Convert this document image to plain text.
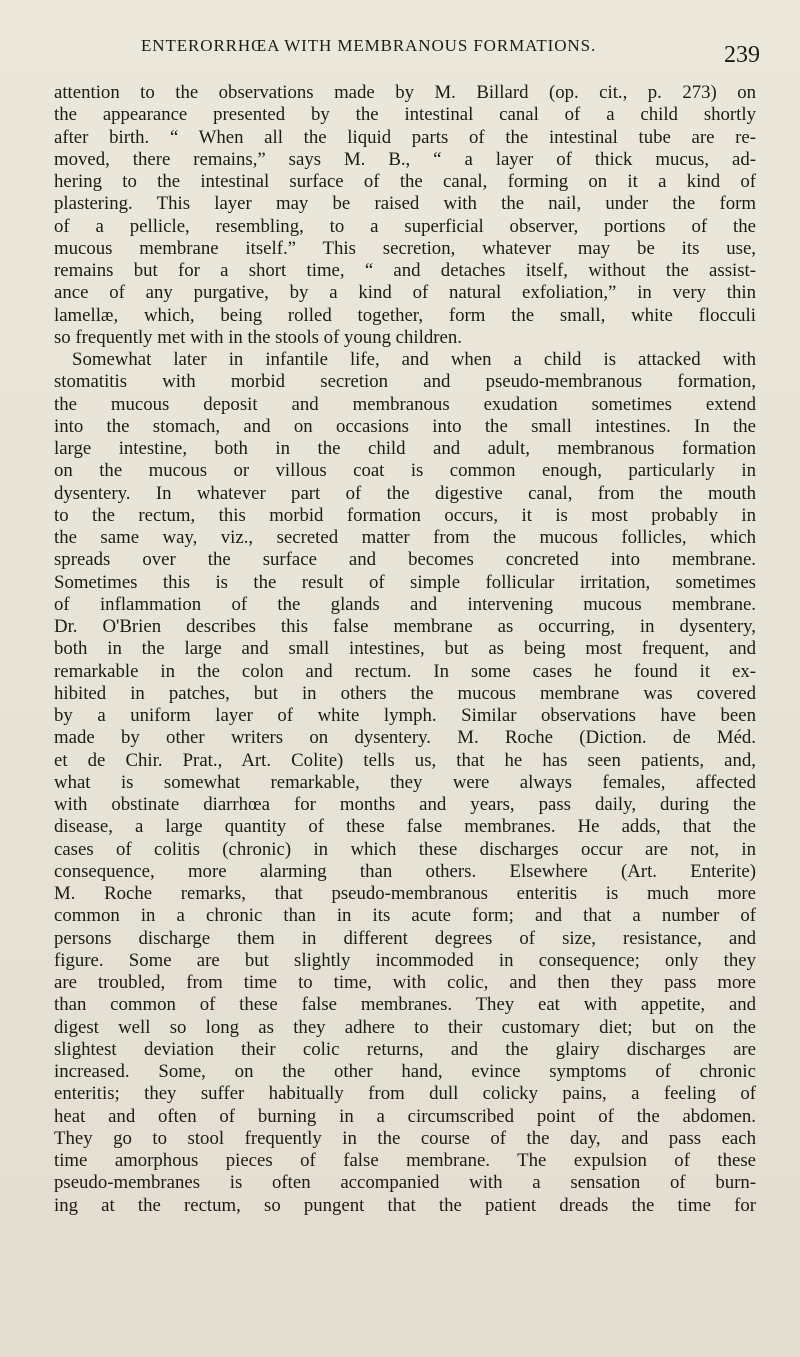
ENTERORRHŒA WITH MEMBRANOUS FORMATIONS.	239
attention to the observations made by M. Billard (op. cit., p. 273) on
the appearance presented by the intestinal canal of a child shortly
after birth. “ When all the liquid parts of the intestinal tube are re-
moved, there remains,” says M. B., “ a layer of thick mucus, ad-
hering to the intestinal surface of the canal, forming on it a kind of
plastering. This layer may be raised with the nail, under the form
of a pellicle, resembling, to a superficial observer, portions of the
mucous membrane itself.” This secretion, whatever may be its use,
remains but for a short time, “ and detaches itself, without the assist-
ance of any purgative, by a kind of natural exfoliation,” in very thin
lamellæ, which, being rolled together, form the small, white flocculi
so frequently met with in the stools of young children.
Somewhat later in infantile life, and when a child is attacked with
stomatitis with morbid secretion and pseudo-membranous formation,
the mucous deposit and membranous exudation sometimes extend
into the stomach, and on occasions into the small intestines. In the
large intestine, both in the child and adult, membranous formation
on the mucous or villous coat is common enough, particularly in
dysentery. In whatever part of the digestive canal, from the mouth
to the rectum, this morbid formation occurs, it is most probably in
the same way, viz., secreted matter from the mucous follicles, which
spreads over the surface and becomes concreted into membrane.
Sometimes this is the result of simple follicular irritation, sometimes
of inflammation of the glands and intervening mucous membrane.
Dr. O'Brien describes this false membrane as occurring, in dysentery,
both in the large and small intestines, but as being most frequent, and
remarkable in the colon and rectum. In some cases he found it ex-
hibited in patches, but in others the mucous membrane was covered
by a uniform layer of white lymph. Similar observations have been
made by other writers on dysentery. M. Roche (Diction. de Méd.
et de Chir. Prat., Art. Colite) tells us, that he has seen patients, and,
what is somewhat remarkable, they were always females, affected
with obstinate diarrhœa for months and years, pass daily, during the
disease, a large quantity of these false membranes. He adds, that the
cases of colitis (chronic) in which these discharges occur are not, in
consequence, more alarming than others. Elsewhere (Art. Enterite)
M. Roche remarks, that pseudo-membranous enteritis is much more
common in a chronic than in its acute form; and that a number of
persons discharge them in different degrees of size, resistance, and
figure. Some are but slightly incommoded in consequence; only they
are troubled, from time to time, with colic, and then they pass more
than common of these false membranes. They eat with appetite, and
digest well so long as they adhere to their customary diet; but on the
slightest deviation their colic returns, and the glairy discharges are
increased. Some, on the other hand, evince symptoms of chronic
enteritis; they suffer habitually from dull colicky pains, a feeling of
heat and often of burning in a circumscribed point of the abdomen.
They go to stool frequently in the course of the day, and pass each
time amorphous pieces of false membrane. The expulsion of these
pseudo-membranes is often accompanied with a sensation of burn-
ing at the rectum, so pungent that the patient dreads the time for
